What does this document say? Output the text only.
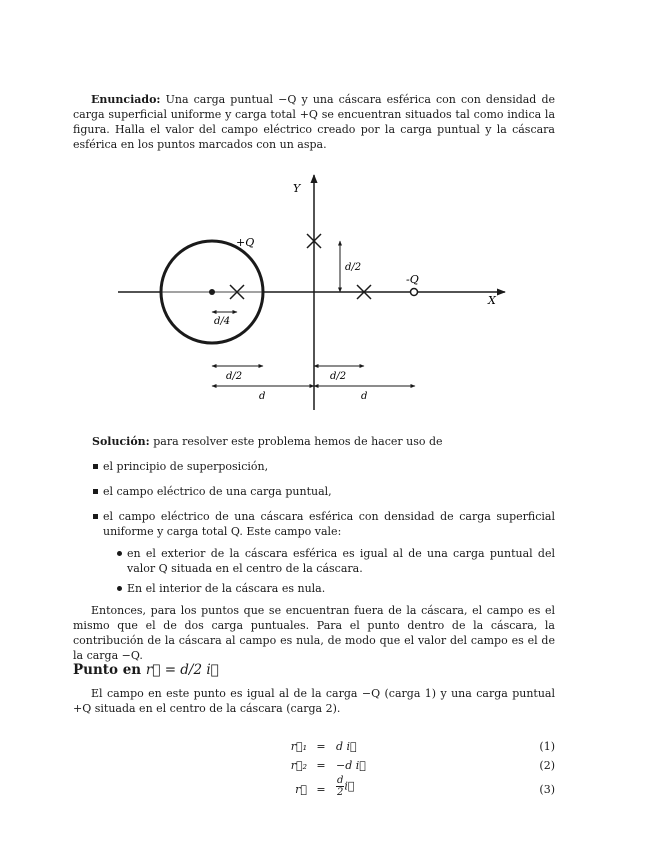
Enunciado: Una carga puntual −Q y una cáscara esférica con con densidad de carga superficial uniforme y carga total +Q se encuentran situados tal como indica la figura. Halla el valor del campo eléctrico creado por la carga puntual y la cáscara esférica en los puntos marcados con un aspa.

Y
X
+Q
-Q
d/4
d/2
d/2	d/2
d	d

Solución: para resolver este problema hemos de hacer uso de

el principio de superposición,
el campo eléctrico de una carga puntual,
el campo eléctrico de una cáscara esférica con densidad de carga superficial uniforme y carga total Q. Este campo vale:
en el exterior de la cáscara esférica es igual al de una carga puntual del valor Q situada en el centro de la cáscara.
En el interior de la cáscara es nula.

Entonces, para los puntos que se encuentran fuera de la cáscara, el campo es el mismo que el de dos carga puntuales. Para el punto dentro de la cáscara, la contribución de la cáscara al campo es nula, de modo que el valor del campo es el de la carga −Q.

Punto en r⃗ = d/2 i⃗

El campo en este punto es igual al de la carga −Q (carga 1) y una carga puntual +Q situada en el centro de la cáscara (carga 2).

r⃗₁ = d i⃗	(1)
r⃗₂ = −d i⃗	(2)
r⃗ = $\frac{d}{2}$ i⃗	(3)
